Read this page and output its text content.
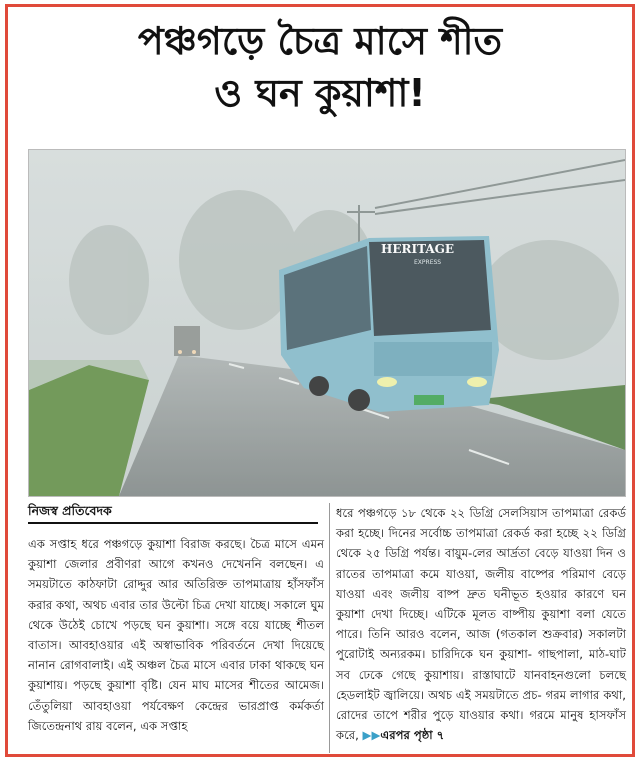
পঞ্চগড়ে চৈত্র মাসে শীত
ও ঘন কুয়াশা!
HERITAGE
EXPRESS
নিজস্ব প্রতিবেদক
এক সপ্তাহ ধরে পঞ্চগড়ে কুয়াশা বিরাজ করছে। চৈত্র মাসে এমন কুয়াশা জেলার প্রবীণরা আগে কখনও দেখেননি বলছেন। এ সময়টাতে কাঠফাটা রোদ্দুর আর অতিরিক্ত তাপমাত্রায় হাঁসফাঁস করার কথা, অথচ এবার তার উল্টো চিত্র দেখা যাচ্ছে। সকালে ঘুম থেকে উঠেই চোখে পড়ছে ঘন কুয়াশা। সঙ্গে বয়ে যাচ্ছে শীতল বাতাস। আবহাওয়ার এই অস্বাভাবিক পরিবর্তনে দেখা দিয়েছে নানান রোগবালাই। এই অঞ্চল চৈত্র মাসে এবার ঢাকা থাকছে ঘন কুয়াশায়। পড়ছে কুয়াশা বৃষ্টি। যেন মাঘ মাসের শীতের আমেজ। তেঁতুলিয়া আবহাওয়া পর্যবেক্ষণ কেন্দ্রের ভারপ্রাপ্ত কর্মকর্তা জিতেন্দ্রনাথ রায় বলেন, এক সপ্তাহ
ধরে পঞ্চগড়ে ১৮ থেকে ২২ ডিগ্রি সেলসিয়াস তাপমাত্রা রেকর্ড করা হচ্ছে। দিনের সর্বোচ্চ তাপমাত্রা রেকর্ড করা হচ্ছে ২২ ডিগ্রি থেকে ২৫ ডিগ্রি পর্যন্ত। বায়ুম-লের আর্দ্রতা বেড়ে যাওয়া দিন ও রাতের তাপমাত্রা কমে যাওয়া, জলীয় বাষ্পের পরিমাণ বেড়ে যাওয়া এবং জলীয় বাষ্প দ্রুত ঘনীভূত হওয়ার কারণে ঘন কুয়াশা দেখা দিচ্ছে। এটিকে মূলত বাষ্পীয় কুয়াশা বলা যেতে পারে। তিনি আরও বলেন, আজ (গতকাল শুক্রবার) সকালটা পুরোটাই অন্যরকম। চারিদিকে ঘন কুয়াশা- গাছপালা, মাঠ-ঘাট সব ঢেকে গেছে কুয়াশায়। রাস্তাঘাটে যানবাহনগুলো চলছে হেডলাইট জ্বালিয়ে। অথচ এই সময়টাতে প্রচ- গরম লাগার কথা, রোদের তাপে শরীর পুড়ে যাওয়ার কথা। গরমে মানুষ হাসফাঁস করে, ▶▶এরপর পৃষ্ঠা ৭
